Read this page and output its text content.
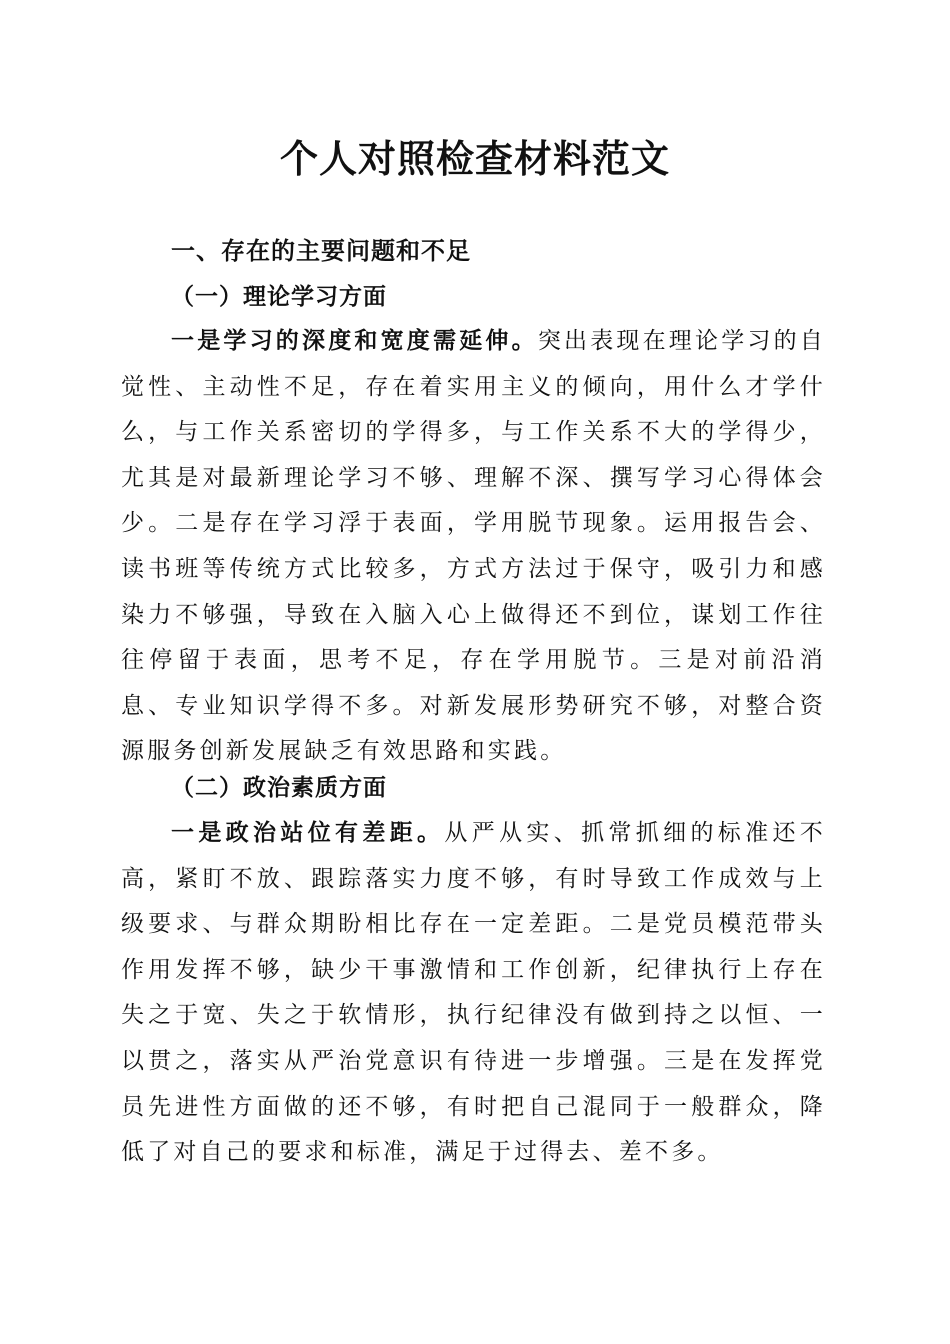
个人对照检查材料范文
一、存在的主要问题和不足
（一）理论学习方面

一是学习的深度和宽度需延伸。突出表现在理论学习的自觉性、主动性不足，存在着实用主义的倾向，用什么才学什么，与工作关系密切的学得多，与工作关系不大的学得少，尤其是对最新理论学习不够、理解不深、撰写学习心得体会少。二是存在学习浮于表面，学用脱节现象。运用报告会、读书班等传统方式比较多，方式方法过于保守，吸引力和感染力不够强，导致在入脑入心上做得还不到位，谋划工作往往停留于表面，思考不足，存在学用脱节。三是对前沿消息、专业知识学得不多。对新发展形势研究不够，对整合资源服务创新发展缺乏有效思路和实践。

（二）政治素质方面

一是政治站位有差距。从严从实、抓常抓细的标准还不高，紧盯不放、跟踪落实力度不够，有时导致工作成效与上级要求、与群众期盼相比存在一定差距。二是党员模范带头作用发挥不够，缺少干事激情和工作创新，纪律执行上存在失之于宽、失之于软情形，执行纪律没有做到持之以恒、一以贯之，落实从严治党意识有待进一步增强。三是在发挥党员先进性方面做的还不够，有时把自己混同于一般群众，降低了对自己的要求和标准，满足于过得去、差不多。
